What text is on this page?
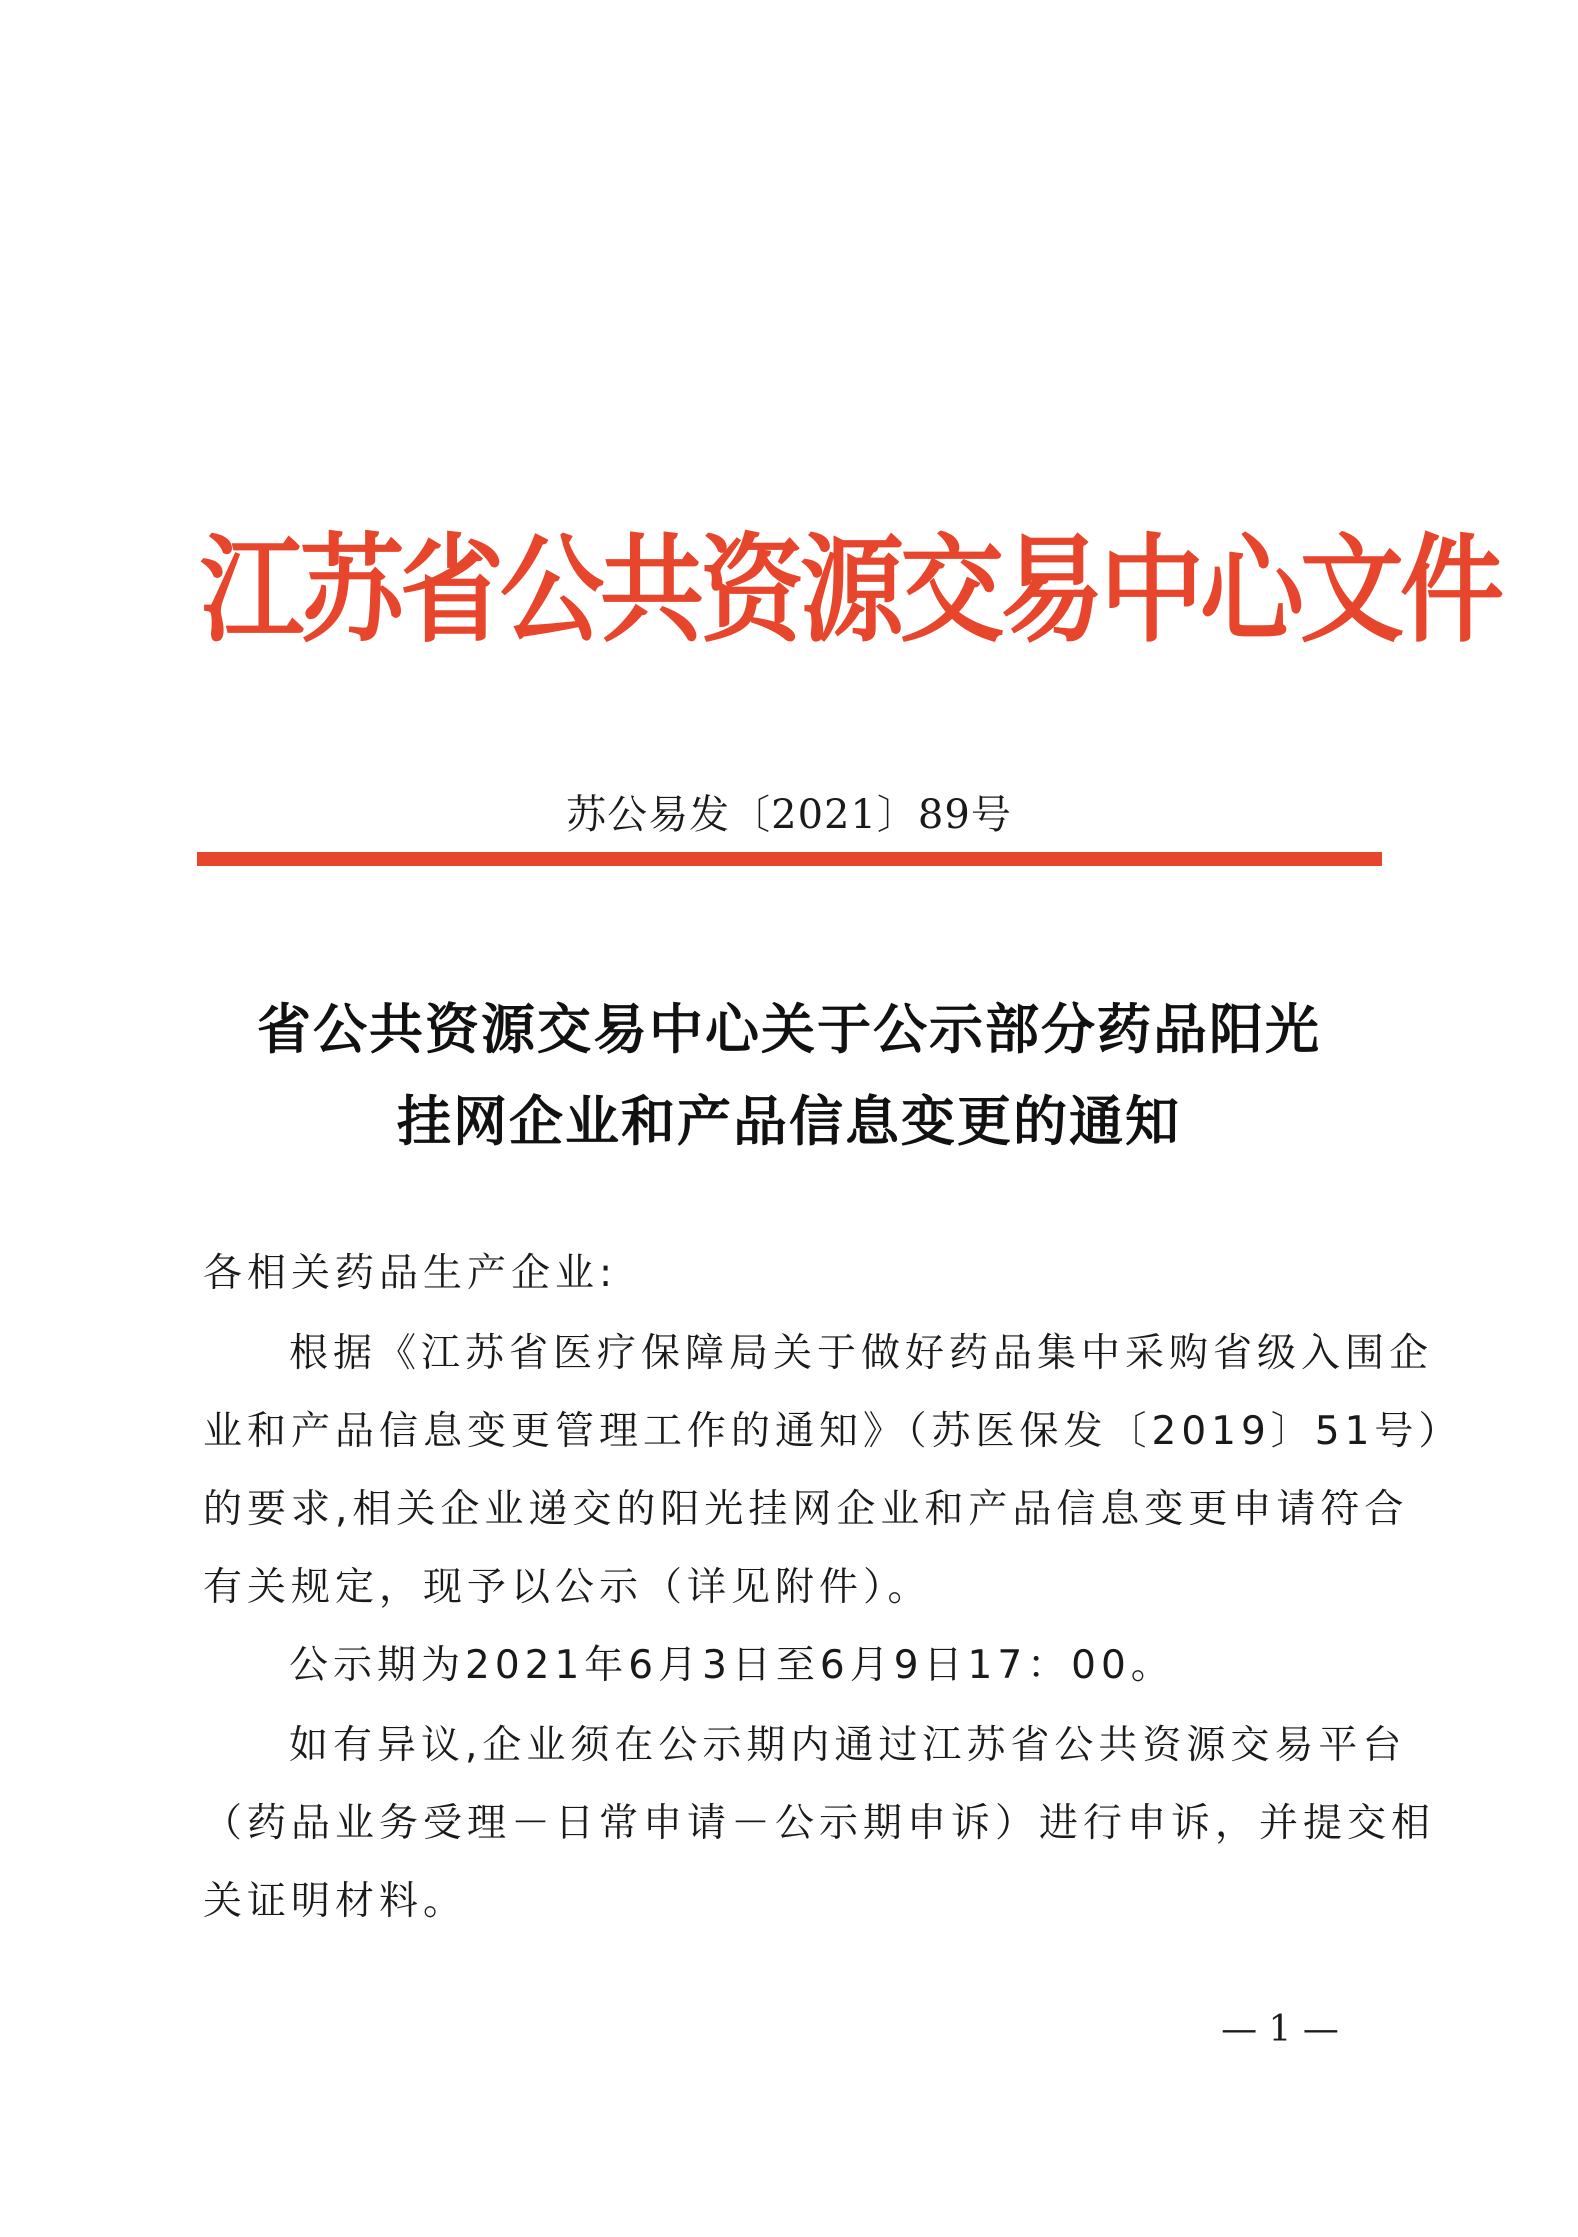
江苏省公共资源交易中心文件
苏公易发〔2021〕89号
省公共资源交易中心关于公示部分药品阳光
挂网企业和产品信息变更的通知
各相关药品生产企业:
根据《江苏省医疗保障局关于做好药品集中采购省级入围企
业和产品信息变更管理工作的通知》（苏医保发〔2019〕51号）
的要求,相关企业递交的阳光挂网企业和产品信息变更申请符合
有关规定，现予以公示（详见附件）。
公示期为2021年6月3日至6月9日17：00。
如有异议,企业须在公示期内通过江苏省公共资源交易平台
（药品业务受理－日常申请－公示期申诉）进行申诉，并提交相
关证明材料。
— 1 —
